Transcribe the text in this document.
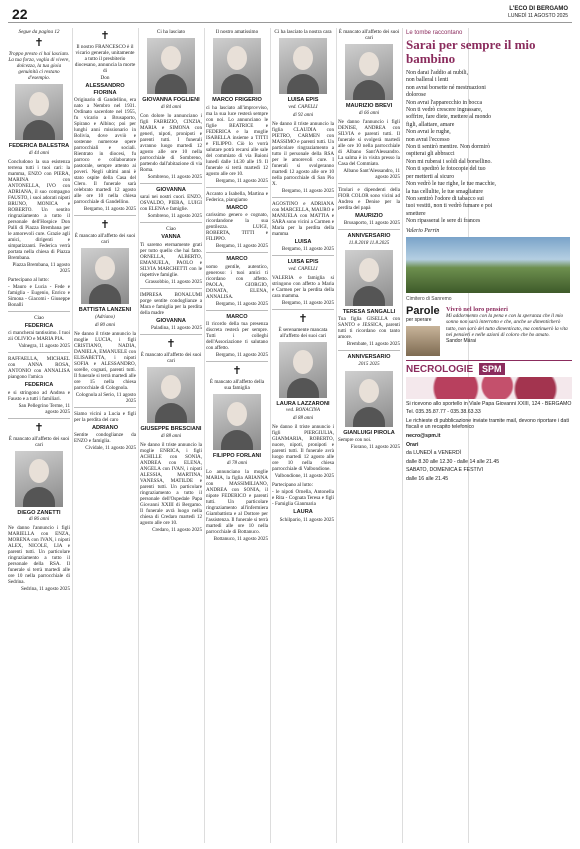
22	L'ECO DI BERGAMO
LUNEDÌ 11 AGOSTO 2025
Segue da pagina 12
✝
Troppo presto ci hai lasciato. La tua forza, voglia di vivere, dolcezza, la tua gioia genuinità ci restano d'esempio.
FEDERICA BALESTRA
di 44 anni
Concludono la sua esistenza terrena tutti i tuoi cari: la mamma, ENZO con PIERA, MARINA con ANTONELLA, IVO con ADRIANA, il suo compagno FAUSTO, i suoi adorati nipoti BRUNO, MONICA e ROBERTO. Un sentito ringraziamento a tutto il personale dell'Hospice Don Palli di Piazza Brembana per le amorevoli cure. Grazie agli amici, dirigenti e simpatizzanti. Federica verrà portata nella chiesa di Piazza Brembana.
Piazza Brembana, 11 agosto 2025
Partecipano al lutto:
- Mauro e Lucia - Fede e famiglia - Eugenio, Enrico e Simona - Giacomi - Giuseppe Bonalli
Ciao
FEDERICA
ci mancherai tantissimo. I tuoi zii OLIVIO e MARIA PIA.
Valnegra, 11 agosto 2025
RAFFAELLA, MICHAEL con ANNA ROSA, ANTONIO con ANNALISA piangono l'amica
FEDERICA
e si stringono ad Andrea e Fausto e a tutti i familiari.
San Pellegrino Terme, 11 agosto 2025
✝
È mancato all'affetto dei suoi cari
DIEGO ZANETTI
di 86 anni
Ne danno l'annuncio i figli MARIELLA con ENZA, MORENA con IVAN, i nipoti ALEX, NICOLE, LIA e parenti tutti. Un particolare ringraziamento a tutto il personale della RSA. Il funerale si terrà martedì alle ore 10 nella parrocchiale di Sedrina.
Sedrina, 11 agosto 2025
✝
Il nostro FRANCESCO è il vicario generale, unitamente a tutto il presbiterio diocesano, annuncia la morte di
Don
ALESSANDRO FIORINA
Originario di Gandellino, era nato a Nembro nel 1931. Ordinato sacerdote nel 1955, fu vicario a Brusaporto, Spirano e Albino; poi per lunghi anni missionario in Bolivia, dove avviò e sostenne numerose opere parrocchiali e sociali. Rientrato in diocesi, fu parroco e collaboratore pastorale, sempre attento ai poveri. Negli ultimi anni è stato ospite della Casa del Clero. Il funerale sarà celebrato martedì 12 agosto alle ore 10 nella chiesa parrocchiale di Gandellino.
Bergamo, 11 agosto 2025
✝
È mancato all'affetto dei suoi cari
BATTISTA LANZENI
(Adriano)
di 80 anni
Ne danno il triste annuncio la moglie LUCIA, i figli CRISTIANO, NADIA, DANIELA, EMANUELE con ELISABETTA, i nipoti SOFIA e ALESSANDRO, sorelle, cognati, parenti tutti. Il funerale si terrà martedì alle ore 15 nella chiesa parrocchiale di Colognola.
Colognola al Serio, 11 agosto 2025
Siamo vicini a Lucia e figli per la perdita del caro
ADRIANO
Sentite condoglianze da ENZO e famiglia.
Cividale, 11 agosto 2025
Ci ha lasciato
GIOVANNA FOGLIENI
di 84 anni
Con dolore lo annunciano i figli FABRIZIO, CINZIA, MARIA e SIMONA con generi, nipoti, pronipoti e parenti tutti. I funerali avranno luogo martedì 12 agosto alle ore 10 nella parrocchiale di Sombreno, partendo dall'abitazione di via Roma.
Sombreno, 11 agosto 2025
GIOVANNA
sarai nei nostri cuori. ENZO, OSVALDO, PIERA, LUIGI con ELENA e famiglie.
Sombreno, 11 agosto 2025
Ciao
VANNA
Ti saremo eternamente grati per tutto quello che hai fatto. ORNELLA, ALBERTO, EMANUELA, PAOLO e SILVIA MARCHETTI con le rispettive famiglie.
Grassobbio, 11 agosto 2025
IMPRESA BONALUMI porge sentite condoglianze a Mara e famiglia per la perdita della madre
GIOVANNA
Paladina, 11 agosto 2025
✝
È mancato all'affetto dei suoi cari
GIUSEPPE BRESCIANI
di 88 anni
Ne danno il triste annuncio la moglie ENRICA, i figli ACHILLE con SONIA, ANDREA con ELENA, ANGELA con IVAN, i nipoti ALESSIA, MARTINA, VANESSA, MATILDE e parenti tutti. Un particolare ringraziamento a tutto il personale dell'Ospedale Papa Giovanni XXIII di Bergamo. Il funerale avrà luogo nella chiesa di Credaro martedì 12 agosto alle ore 10.
Credaro, 11 agosto 2025
Il nostro amatissimo
MARCO FRIGERIO
ci ha lasciato all'improvviso, ma la sua luce resterà sempre con noi. Lo annunciano le figlie BEATRICE e FEDERICA e la moglie ISABELLA insieme a TITTI e FILIPPO. Ciò lo vorrà salutare potrà recarsi alle sale del commiato di via Baioni lunedì dalle 14.30 alle 19. Il funerale si terrà martedì 12 agosto alle ore 10.
Bergamo, 11 agosto 2025
Accanto a Isabella, Martina e Federica, piangiamo
MARCO
carissimo genero e cognato, ricordandone la sua gentilezza. LUIGI, ROBERTA, TITTI e FILIPPO.
Bergamo, 11 agosto 2025
MARCO
uomo gentile, autentico, generoso: i tuoi amici ti ricordano con affetto. PAOLA, GIORGIO, DONATA, ELENA, ANNALISA.
Bergamo, 11 agosto 2025
MARCO
Il ricordo della tua presenza discreta resterà per sempre. Tutti i colleghi dell'Associazione ti salutano con affetto.
Bergamo, 11 agosto 2025
✝
È mancato all'affetto della sua famiglia
FILIPPO FORLANI
di 78 anni
Lo annunciano la moglie MARIA, la figlia ARIANNA con MASSIMILIANO, ANDREA con SONIA, il nipote FEDERICO e parenti tutti. Un particolare ringraziamento all'infermiera Giambattista e al Dottore per l'assistenza. Il funerale si terrà martedì alle ore 10 nella parrocchiale di Bottanuco.
Bottanuco, 11 agosto 2025
Ci ha lasciato la nostra cara
LUISA EPIS
ved. CAPELLI
di 92 anni
Ne danno il triste annuncio la figlia CLAUDIA con PIETRO, CARMEN con MASSIMO e parenti tutti. Un particolare ringraziamento a tutto il personale della RSA per le amorevoli cure. I funerali si svolgeranno martedì 12 agosto alle ore 10 nella parrocchiale di San Pio X.
Bergamo, 11 agosto 2025
AGOSTINO e ADRIANA con MARCELLA, MAURO e MANUELA con MATTIA e SARA sono vicini a Carmen e Maria per la perdita della mamma
LUISA
Bergamo, 11 agosto 2025
LUISA EPIS
ved. CAPELLI
VALERIA e famiglia si stringono con affetto a Maria e Carmen per la perdita della cara mamma.
Bergamo, 11 agosto 2025
✝
È serenamente mancata all'affetto dei suoi cari
LAURA LAZZARONI
ved. BONACINA
di 88 anni
Ne danno il triste annuncio i figli PIERGIULIA, GIANMARIA, ROBERTO, nuore, nipoti, pronipoti e parenti tutti. Il funerale avrà luogo martedì 12 agosto alle ore 10 nella chiesa parrocchiale di Valbondione.
Valbondione, 11 agosto 2025
Partecipano al lutto:
- le nipoti Ornella, Antonella e Rita - Cognata Teresa e figli - Famiglia Gianmaria
LAURA
Schilpario, 11 agosto 2025
È mancato all'affetto dei suoi cari
MAURIZIO BREVI
di 66 anni
Ne danno l'annuncio i figli DENISE, ANDREA con SILVIA e parenti tutti. Il funerale si svolgerà martedì alle ore 10 nella parrocchiale di Albano Sant'Alessandro. La salma è in visita presso la Casa del Commiato.
Albano Sant'Alessandro, 11 agosto 2025
Titolari e dipendenti della FIOR COLOR sono vicini ad Andrea e Denise per la perdita del papà
MAURIZIO
Brusaporto, 11 agosto 2025
ANNIVERSARIO
11.8.2018 11.8.2025
TERESA SANGALLI
Tua figlia GISELLA con SANTO e JESSICA, parenti tutti ti ricordano con tanto amore.
Brembate, 11 agosto 2025
ANNIVERSARIO
2015 2025
GIANLUIGI PIROLA
Sempre con noi.
Fiorano, 11 agosto 2025
Le tombe raccontano
Sarai per sempre il mio bambino
Non darai l'addio ai nubili,
non balleral i lenti
non avrai borsette né mestruazioni
dolorose
Non avrai l'apparecchio in bocca
Non ti vedrò crescere ingrassare,
soffrire, fare diete, mettere al mondo
figli, allattare, amare
Non avrai le rughe,
non avrai l'eccesso
Non ti sentirò mentire. Non dormirò
ospiterai gli abbracci
Non mi ruberai i soldi dal borsellino.
Non ti spedirò le fotocopie del tuo
per metterti al sicuro
Non vedrò le tue righe, le tue macchie,
la tua cellulite, le tue smagliature
Non sentirò l'odore di tabacco sui
tuoi vestiti, non ti vedrò fumare e poi
smettere
Non ripasserai le sere di frances
Valerio Perrin
Cimitero di Sanremo
Parole
per sperare
Vivrò nel loro pensieri
Mi addormento con la pena e con la speranza che il mio sonno non sarà interrotto e che, anche se dimenticherò tutto, non sarò del tutto dimenticato, ma continuerò la vita nei pensieri e nelle azioni di coloro che ho amato.
Sandor Márai
NECROLOGIE SPM
Si ricevono allo sportello in Viale Papa Giovanni XXIII, 124 - BERGAMO
Tel. 035.35.87.77 - 035.38.63.33
Le richieste di pubblicazione inviate tramite mail, devono riportare i dati fiscali e un recapito telefonico
necro@spm.it
Orari
da LUNEDÌ a VENERDÌ
dalle 8.30 alle 12.30 - dalle 14 alle 21.45
SABATO, DOMENICA E FESTIVI
dalle 16 alle 21.45
